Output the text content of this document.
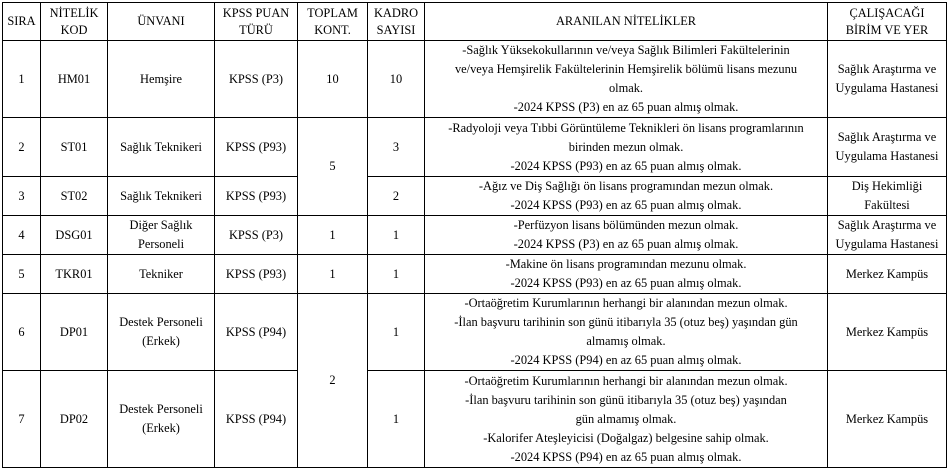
SIRA	NİTELİK
KOD	ÜNVANI	KPSS PUAN
TÜRÜ	TOPLAM
KONT.	KADRO
SAYISI	ARANILAN NİTELİKLER	ÇALIŞACAĞI
BİRİM VE YER
1	HM01	Hemşire	KPSS (P3)	10	10	-Sağlık Yüksekokullarının ve/veya Sağlık Bilimleri Fakültelerinin
ve/veya Hemşirelik Fakültelerinin Hemşirelik bölümü lisans mezunu
olmak.
-2024 KPSS (P3) en az 65 puan almış olmak.	Sağlık Araştırma ve
Uygulama Hastanesi
2	ST01	Sağlık Teknikeri	KPSS (P93)	5	3	-Radyoloji veya Tıbbi Görüntüleme Teknikleri ön lisans programlarının
birinden mezun olmak.
-2024 KPSS (P93) en az 65 puan almış olmak.	Sağlık Araştırma ve
Uygulama Hastanesi
3	ST02	Sağlık Teknikeri	KPSS (P93)		2	-Ağız ve Diş Sağlığı ön lisans programından mezun olmak.
-2024 KPSS (P93) en az 65 puan almış olmak.	Diş Hekimliği
Fakültesi
4	DSG01	Diğer Sağlık
Personeli	KPSS (P3)	1	1	-Perfüzyon lisans bölümünden mezun olmak.
-2024 KPSS (P3) en az 65 puan almış olmak.	Sağlık Araştırma ve
Uygulama Hastanesi
5	TKR01	Tekniker	KPSS (P93)	1	1	-Makine ön lisans programından mezunu olmak.
-2024 KPSS (P93) en az 65 puan almış olmak.	Merkez Kampüs
6	DP01	Destek Personeli
(Erkek)	KPSS (P94)	2	1	-Ortaöğretim Kurumlarının herhangi bir alanından mezun olmak.
-İlan başvuru tarihinin son günü itibarıyla 35 (otuz beş) yaşından gün
almamış olmak.
-2024 KPSS (P94) en az 65 puan almış olmak.	Merkez Kampüs
7	DP02	Destek Personeli
(Erkek)	KPSS (P94)		1	-Ortaöğretim Kurumlarının herhangi bir alanından mezun olmak.
-İlan başvuru tarihinin son günü itibarıyla 35 (otuz beş) yaşından
gün almamış olmak.
-Kalorifer Ateşleyicisi (Doğalgaz) belgesine sahip olmak.
-2024 KPSS (P94) en az 65 puan almış olmak.	Merkez Kampüs
